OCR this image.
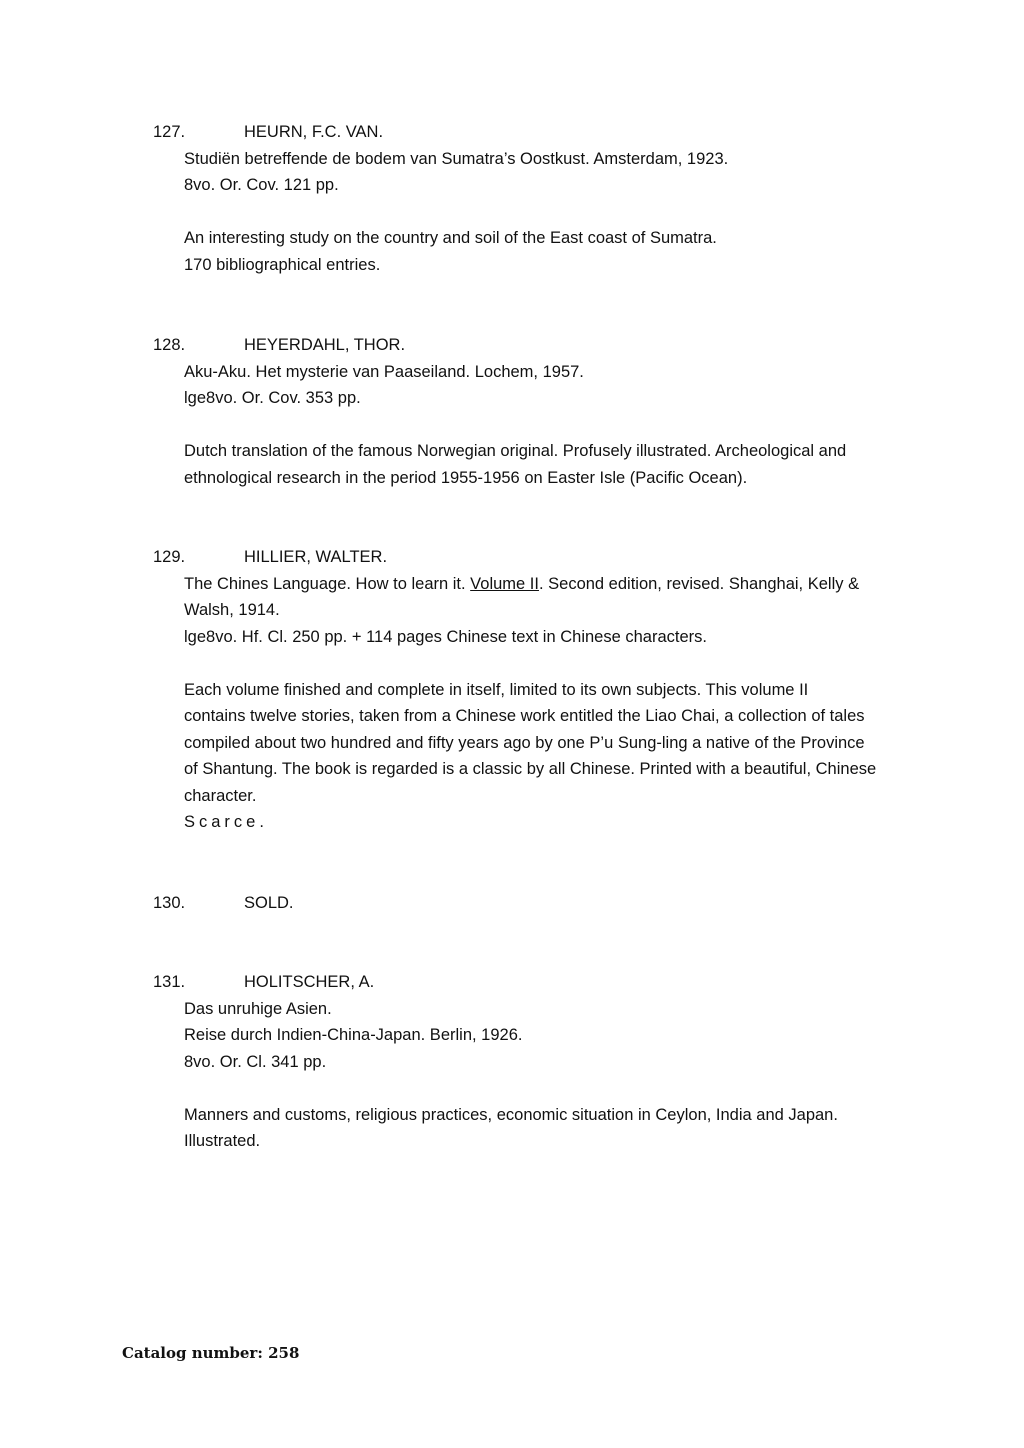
127.	HEURN, F.C. VAN.
Studiën betreffende de bodem van Sumatra’s Oostkust. Amsterdam, 1923.
8vo. Or. Cov. 121 pp.
An interesting study on the country and soil of the East coast of Sumatra.
170 bibliographical entries.
128.	HEYERDAHL, THOR.
Aku-Aku. Het mysterie van Paaseiland. Lochem, 1957.
lge8vo. Or. Cov. 353 pp.
Dutch translation of the famous Norwegian original. Profusely illustrated. Archeological and
ethnological research in the period 1955-1956 on Easter Isle (Pacific Ocean).
129.	HILLIER, WALTER.
The Chines Language. How to learn it. Volume II. Second edition, revised. Shanghai, Kelly &
Walsh, 1914.
lge8vo. Hf. Cl. 250 pp. + 114 pages Chinese text in Chinese characters.
Each volume finished and complete in itself, limited to its own subjects. This volume II
contains twelve stories, taken from a Chinese work entitled the Liao Chai, a collection of tales
compiled about two hundred and fifty years ago by one P’u Sung-ling a native of the Province
of Shantung. The book is regarded is a classic by all Chinese. Printed with a beautiful, Chinese
character.
Scarce.
130.	SOLD.
131.	HOLITSCHER, A.
Das unruhige Asien.
Reise durch Indien-China-Japan. Berlin, 1926.
8vo. Or. Cl. 341 pp.
Manners and customs, religious practices, economic situation in Ceylon, India and Japan.
Illustrated.
Catalog number: 258
